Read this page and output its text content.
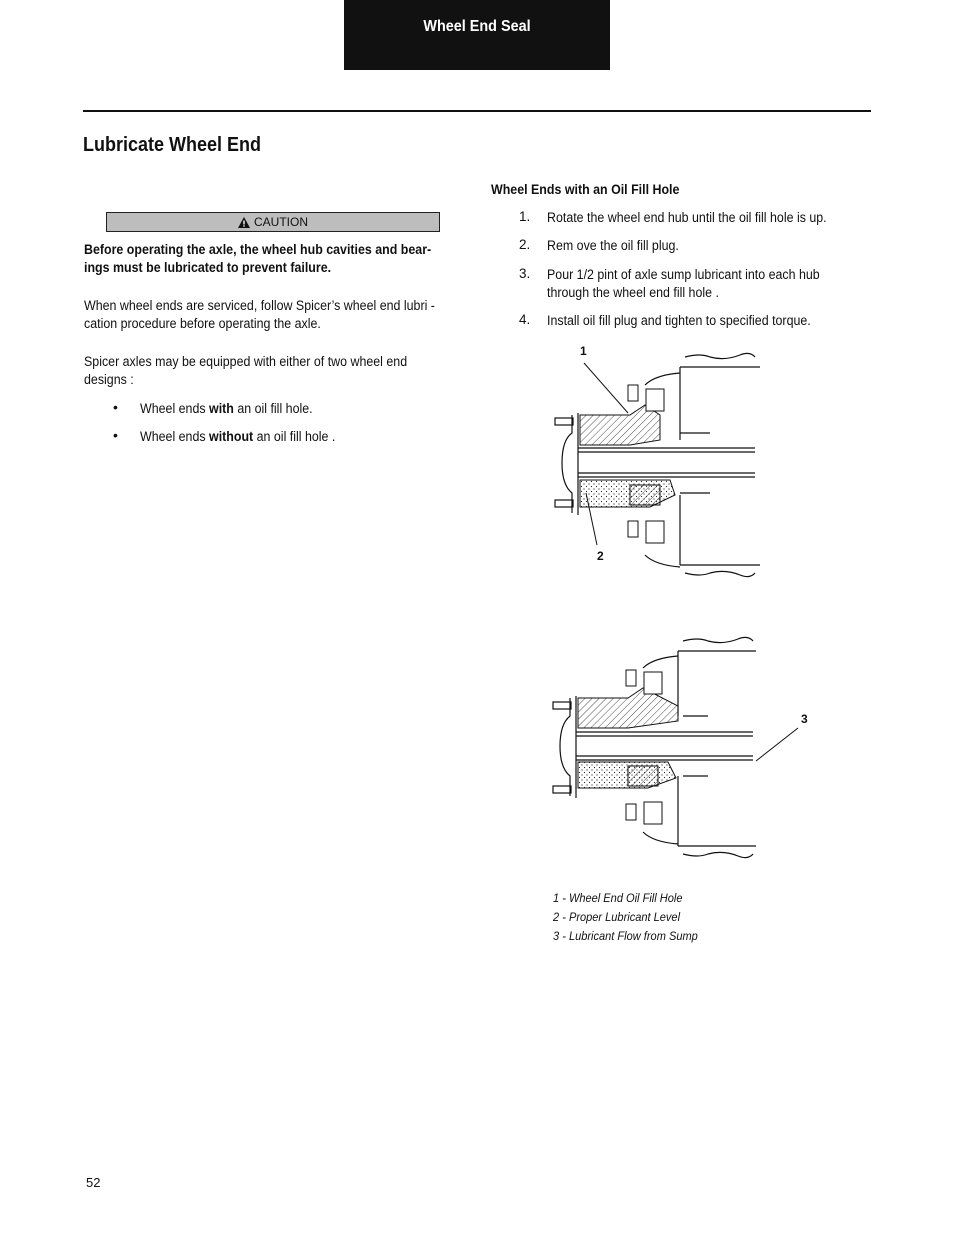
Wheel End Seal
Lubricate Wheel End
CAUTION
Before operating the axle, the wheel hub cavities and bear-
ings must be lubricated to prevent failure.
When wheel ends are serviced, follow Spicer’s wheel end lubri -
cation procedure before operating the axle.
Spicer axles may be equipped with either of two wheel end
designs :
• Wheel ends with an oil fill hole.
• Wheel ends without an oil fill hole .
Wheel Ends with an Oil Fill Hole
1. Rotate the wheel end hub until the oil fill hole is up.
2. Rem ove the oil fill plug.
3. Pour 1/2 pint of axle sump lubricant into each hub
through the wheel end fill hole .
4. Install oil fill plug and tighten to specified torque.
1
2
3
1 - Wheel End Oil Fill Hole
2 - Proper Lubricant Level
3 - Lubricant Flow from Sump
52
